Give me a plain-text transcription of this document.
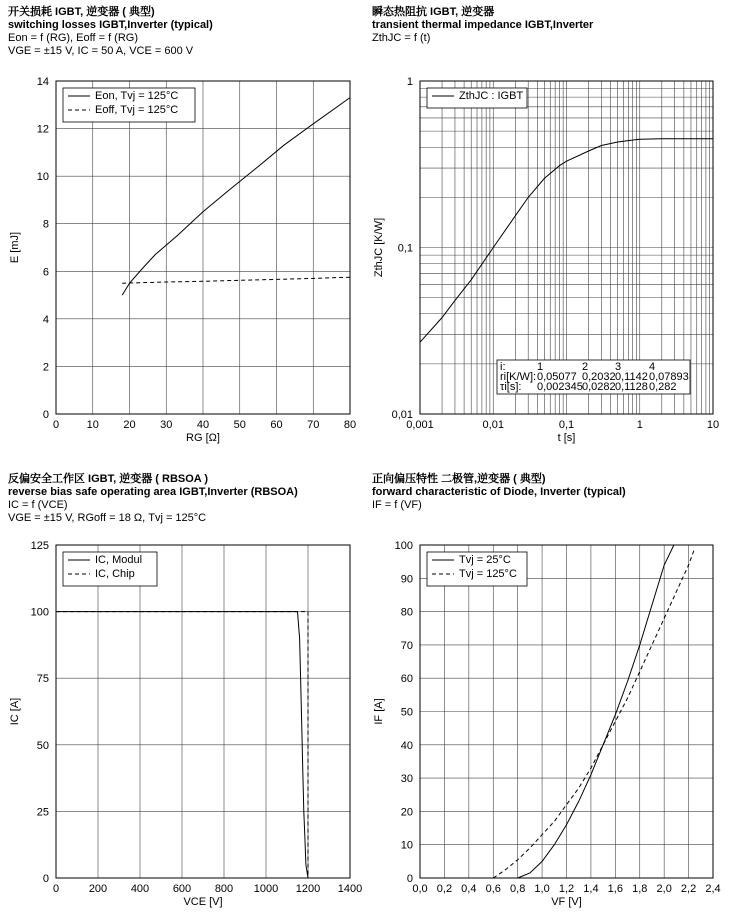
开关损耗 IGBT, 逆变器 ( 典型)
switching losses IGBT,Inverter (typical)
Eon = f (RG), Eoff = f (RG)
VGE = ±15 V, IC = 50 A, VCE = 600 V
瞬态热阻抗 IGBT, 逆变器
transient thermal impedance IGBT,Inverter
ZthJC = f (t)
反偏安全工作区 IGBT, 逆变器 ( RBSOA )
reverse bias safe operating area IGBT,Inverter (RBSOA)
IC = f (VCE)
VGE = ±15 V, RGoff = 18 Ω, Tvj = 125°C
正向偏压特性 二极管,逆变器 ( 典型)
forward characteristic of Diode, Inverter (typical)
IF = f (VF)
0	10 20 30 40 50 60 70 80
0
2
4
6
8
10
12
14
RG [Ω]
E [mJ]
Eon, Tvj = 125°C
Eoff, Tvj = 125°C
0,001	0,01	0,1	1	10
0,01
0,1
1
t [s]
ZthJC [K/W]
ZthJC : IGBT
i:	1	2 3	4
ri[K/W]: 0,05077 0,2032 0,1142 0,07893
τi[s]: 0,002345 0,0282 0,1128 0,282
0	200 400 600 800 1000 1200 1400
0
25
50
75
100
125
VCE [V]
IC [A]
IC, Modul
IC, Chip
0,0 0,2 0,4 0,6 0,8 1,0 1,2 1,4 1,6 1,8 2,0 2,2 2,4
0
10
20
30
40
50
60
70
80
90
100
VF [V]
IF [A]
Tvj = 25°C
Tvj = 125°C
